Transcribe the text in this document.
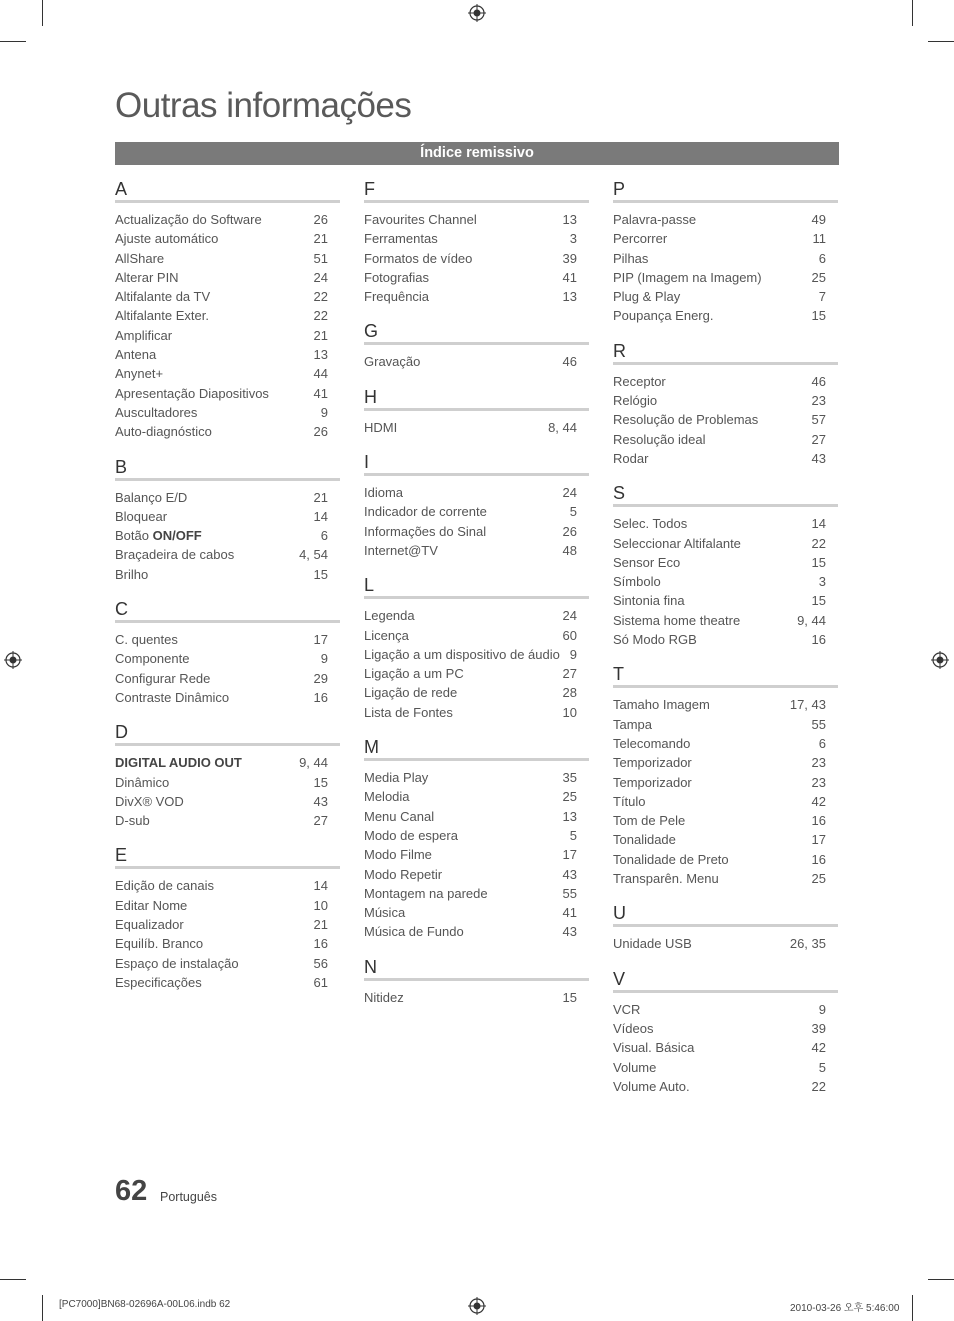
Outras informações
Índice remissivo
A
Actualização do Software	26
Ajuste automático	21
AllShare	51
Alterar PIN	24
Altifalante da TV	22
Altifalante Exter.	22
Amplificar	21
Antena	13
Anynet+	44
Apresentação Diapositivos	41
Auscultadores	9
Auto-diagnóstico	26
B
Balanço E/D	21
Bloquear	14
Botão ON/OFF	6
Braçadeira de cabos	4, 54
Brilho	15
C
C. quentes	17
Componente	9
Configurar Rede	29
Contraste Dinâmico	16
D
DIGITAL AUDIO OUT	9, 44
Dinâmico	15
DivX® VOD	43
D-sub	27
E
Edição de canais	14
Editar Nome	10
Equalizador	21
Equilíb. Branco	16
Espaço de instalação	56
Especificações	61
F
Favourites Channel	13
Ferramentas	3
Formatos de vídeo	39
Fotografias	41
Frequência	13
G
Gravação	46
H
HDMI	8, 44
I
Idioma	24
Indicador de corrente	5
Informações do Sinal	26
Internet@TV	48
L
Legenda	24
Licença	60
Ligação a um dispositivo de áudio 9
Ligação a um PC	27
Ligação de rede	28
Lista de Fontes	10
M
Media Play	35
Melodia	25
Menu Canal	13
Modo de espera	5
Modo Filme	17
Modo Repetir	43
Montagem na parede	55
Música	41
Música de Fundo	43
N
Nitidez	15
P
Palavra-passe	49
Percorrer	11
Pilhas	6
PIP (Imagem na Imagem)	25
Plug & Play	7
Poupança Energ.	15
R
Receptor	46
Relógio	23
Resolução de Problemas	57
Resolução ideal	27
Rodar	43
S
Selec. Todos	14
Seleccionar Altifalante	22
Sensor Eco	15
Símbolo	3
Sintonia fina	15
Sistema home theatre	9, 44
Só Modo RGB	16
T
Tamaho Imagem	17, 43
Tampa	55
Telecomando	6
Temporizador	23
Temporizador	23
Título	42
Tom de Pele	16
Tonalidade	17
Tonalidade de Preto	16
Transparên. Menu	25
U
Unidade USB	26, 35
V
VCR	9
Vídeos	39
Visual. Básica	42
Volume	5
Volume Auto.	22
62 Português
[PC7000]BN68-02696A-00L06.indb 62	2010-03-26 오후 5:46:00
